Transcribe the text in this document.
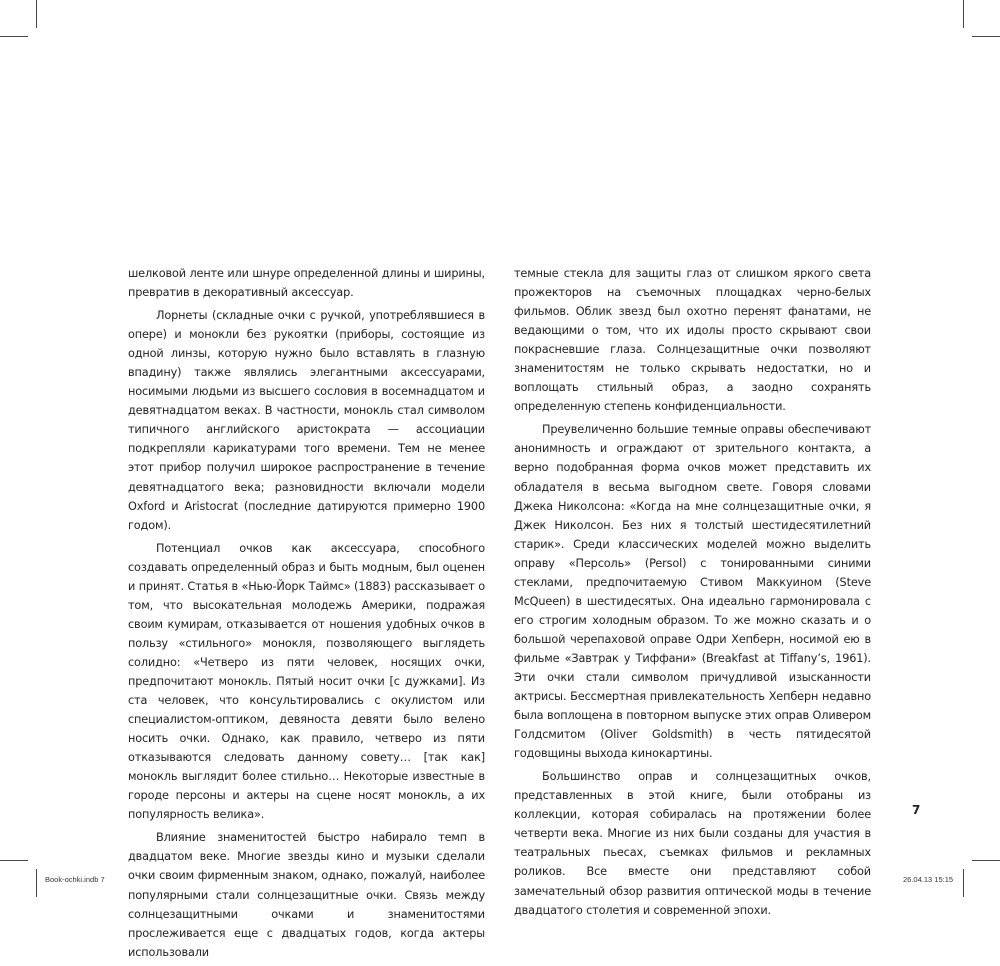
шелковой ленте или шнуре определенной длины и ширины, превратив в декоративный аксессуар.

Лорнеты (складные очки с ручкой, употреблявшиеся в опере) и монокли без рукоятки (приборы, состоящие из одной линзы, которую нужно было вставлять в глазную впадину) также являлись элегантными аксессуарами, носимыми людьми из высшего сословия в восемнадцатом и девятнадцатом веках. В частности, монокль стал символом типичного английского аристократа — ассоциации подкрепляли карикатурами того времени. Тем не менее этот прибор получил широкое распространение в течение девятнадцатого века; разновидности включали модели Oxford и Aristocrat (последние датируются примерно 1900 годом).

Потенциал очков как аксессуара, способного создавать определенный образ и быть модным, был оценен и принят. Статья в «Нью-Йорк Таймс» (1883) рассказывает о том, что высокательная молодежь Америки, подражая своим кумирам, отказывается от ношения удобных очков в пользу «стильного» монокля, позволяющего выглядеть солидно: «Четверо из пяти человек, носящих очки, предпочитают монокль. Пятый носит очки [с дужками]. Из ста человек, что консультировались с окулистом или специалистом-оптиком, девяноста девяти было велено носить очки. Однако, как правило, четверо из пяти отказываются следовать данному совету… [так как] монокль выглядит более стильно… Некоторые известные в городе персоны и актеры на сцене носят монокль, а их популярность велика».

Влияние знаменитостей быстро набирало темп в двадцатом веке. Многие звезды кино и музыки сделали очки своим фирменным знаком, однако, пожалуй, наиболее популярными стали солнцезащитные очки. Связь между солнцезащитными очками и знаменитостями прослеживается еще с двадцатых годов, когда актеры использовали

темные стекла для защиты глаз от слишком яркого света прожекторов на съемочных площадках черно-белых фильмов. Облик звезд был охотно перенят фанатами, не ведающими о том, что их идолы просто скрывают свои покрасневшие глаза. Солнцезащитные очки позволяют знаменитостям не только скрывать недостатки, но и воплощать стильный образ, а заодно сохранять определенную степень конфиденциальности.

Преувеличенно большие темные оправы обеспечивают анонимность и ограждают от зрительного контакта, а верно подобранная форма очков может представить их обладателя в весьма выгодном свете. Говоря словами Джека Николсона: «Когда на мне солнцезащитные очки, я Джек Николсон. Без них я толстый шестидесятилетний старик». Среди классических моделей можно выделить оправу «Персоль» (Persol) с тонированными синими стеклами, предпочитаемую Стивом Маккуином (Steve McQueen) в шестидесятых. Она идеально гармонировала с его строгим холодным образом. То же можно сказать и о большой черепаховой оправе Одри Хепберн, носимой ею в фильме «Завтрак у Тиффани» (Breakfast at Tiffany’s, 1961). Эти очки стали символом причудливой изысканности актрисы. Бессмертная привлекательность Хепберн недавно была воплощена в повторном выпуске этих оправ Оливером Голдсмитом (Oliver Goldsmith) в честь пятидесятой годовщины выхода кинокартины.

Большинство оправ и солнцезащитных очков, представленных в этой книге, были отобраны из коллекции, которая собиралась на протяжении более четверти века. Многие из них были созданы для участия в театральных пьесах, съемках фильмов и рекламных роликов. Все вместе они представляют собой замечательный обзор развития оптической моды в течение двадцатого столетия и современной эпохи.

7
Book-ochki.indb 7	26.04.13 15:15
